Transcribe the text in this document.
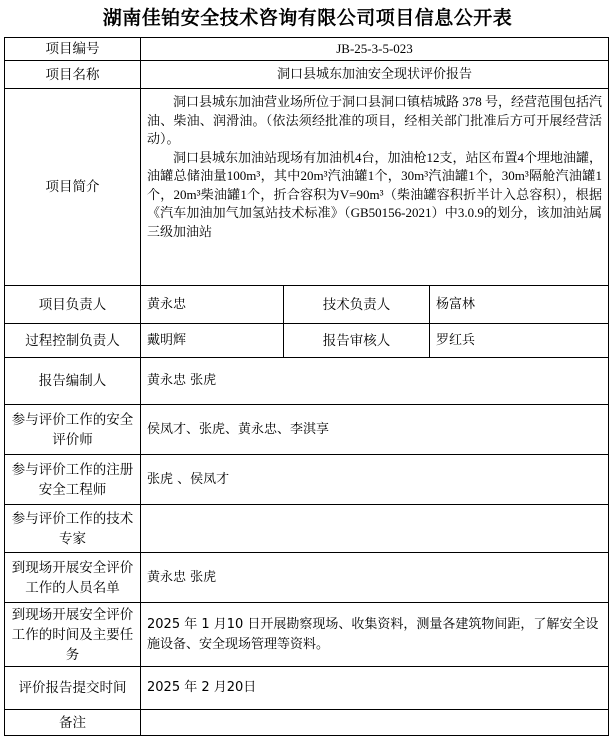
湖南佳铂安全技术咨询有限公司项目信息公开表
项目编号	JB-25-3-5-023		
项目名称	洞口县城东加油安全现状评价报告		
项目简介	洞口县城东加油营业场所位于洞口县洞口镇桔城路 378 号，经营范围包括汽油、柴油、润滑油。（依法须经批准的项目，经相关部门批准后方可开展经营活动）。

洞口县城东加油站现场有加油机4台，加油枪12支，站区布置4个埋地油罐，油罐总储油量100m³，其中20m³汽油罐1个，30m³汽油罐1个，30m³隔舱汽油罐1个，20m³柴油罐1个，折合容积为V=90m³（柴油罐容积折半计入总容积），根据《汽车加油加气加氢站技术标准》（GB50156-2021）中3.0.9的划分，该加油站属三级加油站		

项目负责人	黄永忠	技术负责人	杨富林
过程控制负责人	戴明辉	报告审核人	罗红兵
报告编制人	黄永忠 张虎		
参与评价工作的安全评价师	侯凤才、张虎、黄永忠、李淇享		
参与评价工作的注册安全工程师	张虎 、侯凤才		
参与评价工作的技术专家			
到现场开展安全评价工作的人员名单	黄永忠 张虎		
到现场开展安全评价工作的时间及主要任务	2025 年 1 月10 日开展勘察现场、收集资料，测量各建筑物间距，了解安全设施设备、安全现场管理等资料。		
评价报告提交时间	2025 年 2 月20日		
备注			
